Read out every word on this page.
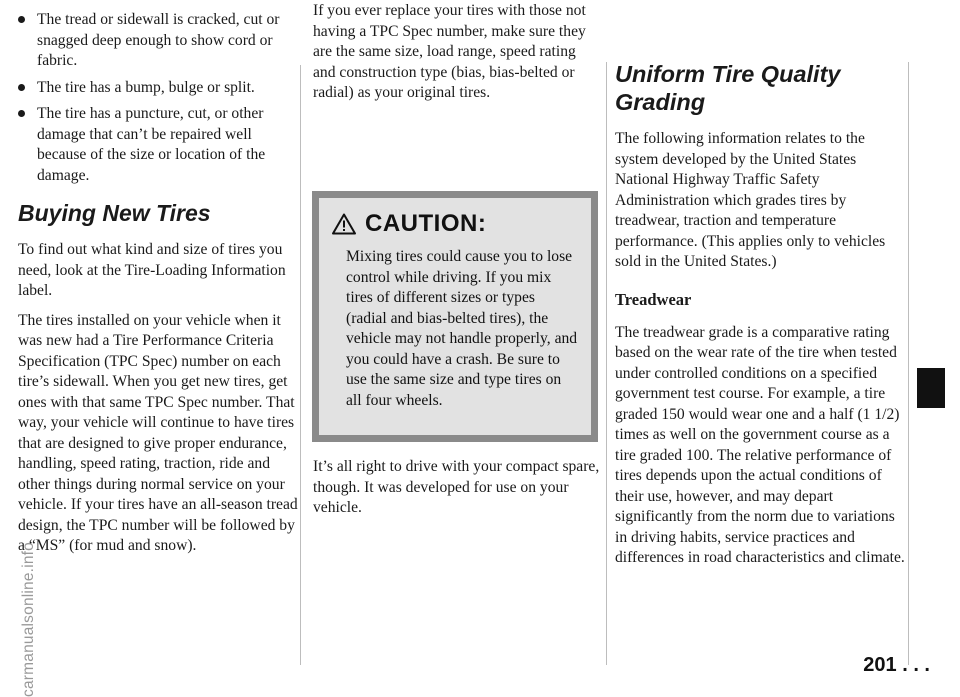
carmanualsonline.info
The tread or sidewall is cracked, cut or snagged deep enough to show cord or fabric.
The tire has a bump, bulge or split.
The tire has a puncture, cut, or other damage that can’t be repaired well because of the size or location of the damage.
Buying New Tires

To find out what kind and size of tires you need, look at the Tire-Loading Information label.

The tires installed on your vehicle when it was new had a Tire Performance Criteria Specification (TPC Spec) number on each tire’s sidewall. When you get new tires, get ones with that same TPC Spec number. That way, your vehicle will continue to have tires that are designed to give proper endurance, handling, speed rating, traction, ride and other things during normal service on your vehicle. If your tires have an all-season tread design, the TPC number will be followed by a “MS” (for mud and snow).

If you ever replace your tires with those not having a TPC Spec number, make sure they are the same size, load range, speed rating and construction type (bias, bias-belted or radial) as your original tires.

CAUTION:

Mixing tires could cause you to lose control while driving. If you mix tires of different sizes or types (radial and bias-belted tires), the vehicle may not handle properly, and you could have a crash. Be sure to use the same size and type tires on all four wheels.

It’s all right to drive with your compact spare, though. It was developed for use on your vehicle.

Uniform Tire Quality Grading

The following information relates to the system developed by the United States National Highway Traffic Safety Administration which grades tires by treadwear, traction and temperature performance. (This applies only to vehicles sold in the United States.)

Treadwear

The treadwear grade is a comparative rating based on the wear rate of the tire when tested under controlled conditions on a specified government test course. For example, a tire graded 150 would wear one and a half (1 1/2) times as well on the government course as a tire graded 100. The relative performance of tires depends upon the actual conditions of their use, however, and may depart significantly from the norm due to variations in driving habits, service practices and differences in road characteristics and climate.

201 . . .
